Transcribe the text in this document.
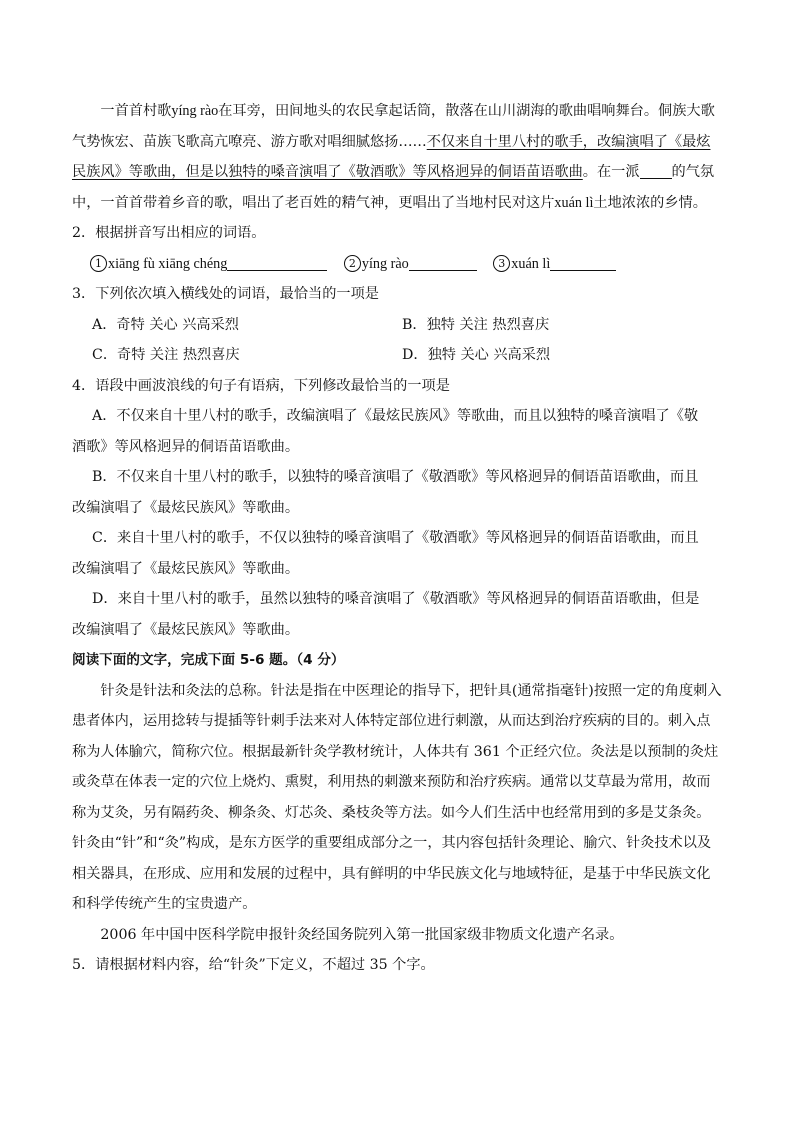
一首首村歌yíng rào在耳旁，田间地头的农民拿起话筒，散落在山川湖海的歌曲唱响舞台。侗族大歌气势恢宏、苗族飞歌高亢嘹亮、游方歌对唱细腻悠扬……不仅来自十里八村的歌手，改编演唱了《最炫民族风》等歌曲，但是以独特的嗓音演唱了《敬酒歌》等风格迥异的侗语苗语歌曲。在一派 的气氛中，一首首带着乡音的歌，唱出了老百姓的精气神，更唱出了当地村民对这片xuán lì土地浓浓的乡情。

2．根据拼音写出相应的词语。

1 xiāng fù xiāng chéng	2 yíng rào	3 xuán lì

3．下列依次填入横线处的词语，最恰当的一项是

A．奇特 关心 兴高采烈	B．独特 关注 热烈喜庆
C．奇特 关注 热烈喜庆	D．独特 关心 兴高采烈

4．语段中画波浪线的句子有语病，下列修改最恰当的一项是

A．不仅来自十里八村的歌手，改编演唱了《最炫民族风》等歌曲，而且以独特的嗓音演唱了《敬

酒歌》等风格迥异的侗语苗语歌曲。

B．不仅来自十里八村的歌手，以独特的嗓音演唱了《敬酒歌》等风格迥异的侗语苗语歌曲，而且

改编演唱了《最炫民族风》等歌曲。

C．来自十里八村的歌手，不仅以独特的嗓音演唱了《敬酒歌》等风格迥异的侗语苗语歌曲，而且

改编演唱了《最炫民族风》等歌曲。

D．来自十里八村的歌手，虽然以独特的嗓音演唱了《敬酒歌》等风格迥异的侗语苗语歌曲，但是

改编演唱了《最炫民族风》等歌曲。

阅读下面的文字，完成下面 5-6 题。（4 分）

针灸是针法和灸法的总称。针法是指在中医理论的指导下，把针具(通常指毫针)按照一定的角度刺入患者体内，运用捻转与提插等针刺手法来对人体特定部位进行刺激，从而达到治疗疾病的目的。刺入点称为人体腧穴，简称穴位。根据最新针灸学教材统计，人体共有 361 个正经穴位。灸法是以预制的灸炷或灸草在体表一定的穴位上烧灼、熏熨，利用热的刺激来预防和治疗疾病。通常以艾草最为常用，故而称为艾灸，另有隔药灸、柳条灸、灯芯灸、桑枝灸等方法。如今人们生活中也经常用到的多是艾条灸。针灸由“针”和“灸”构成，是东方医学的重要组成部分之一，其内容包括针灸理论、腧穴、针灸技术以及相关器具，在形成、应用和发展的过程中，具有鲜明的中华民族文化与地域特征，是基于中华民族文化和科学传统产生的宝贵遗产。

2006 年中国中医科学院申报针灸经国务院列入第一批国家级非物质文化遗产名录。

5．请根据材料内容，给“针灸”下定义，不超过 35 个字。
